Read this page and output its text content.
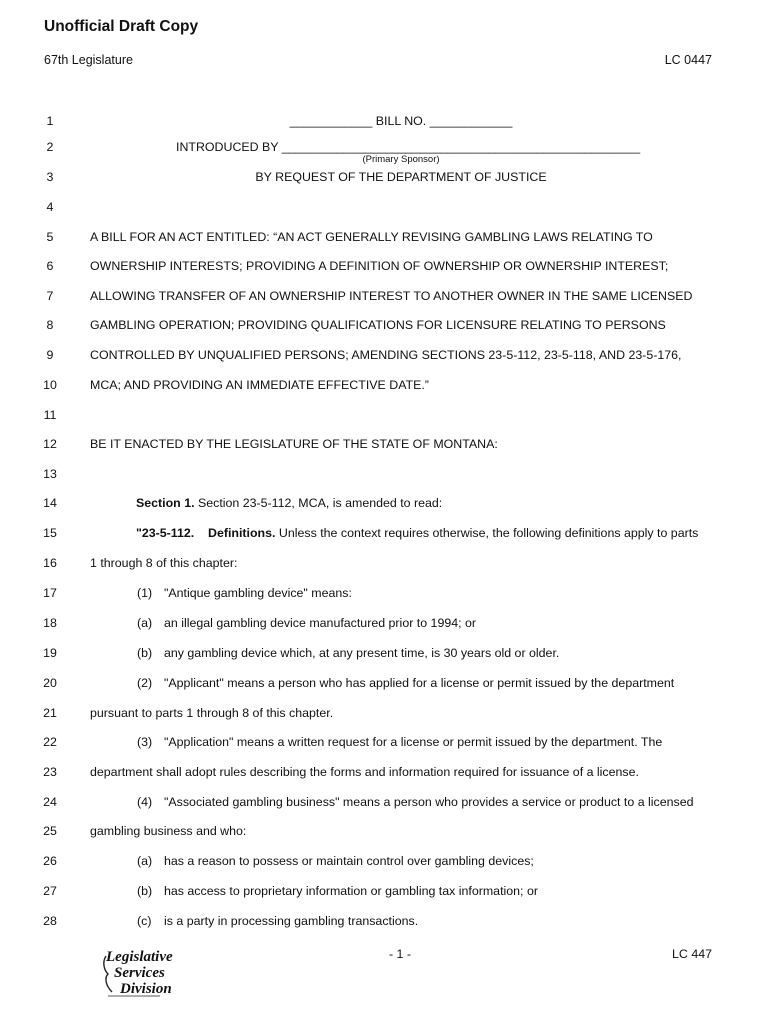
Unofficial Draft Copy
67th Legislature	LC 0447
1	____________ BILL NO. ____________
2	INTRODUCED BY ____________________________________________________
(Primary Sponsor)
3	BY REQUEST OF THE DEPARTMENT OF JUSTICE
4
5	A BILL FOR AN ACT ENTITLED: “AN ACT GENERALLY REVISING GAMBLING LAWS RELATING TO
6	OWNERSHIP INTERESTS; PROVIDING A DEFINITION OF OWNERSHIP OR OWNERSHIP INTEREST;
7	ALLOWING TRANSFER OF AN OWNERSHIP INTEREST TO ANOTHER OWNER IN THE SAME LICENSED
8	GAMBLING OPERATION; PROVIDING QUALIFICATIONS FOR LICENSURE RELATING TO PERSONS
9	CONTROLLED BY UNQUALIFIED PERSONS; AMENDING SECTIONS 23-5-112, 23-5-118, AND 23-5-176,
10	MCA; AND PROVIDING AN IMMEDIATE EFFECTIVE DATE.”
11
12	BE IT ENACTED BY THE LEGISLATURE OF THE STATE OF MONTANA:
13
14	Section 1. Section 23-5-112, MCA, is amended to read:
15	"23-5-112.    Definitions. Unless the context requires otherwise, the following definitions apply to parts
16	1 through 8 of this chapter:
17	(1) "Antique gambling device" means:
18	(a) an illegal gambling device manufactured prior to 1994; or
19	(b) any gambling device which, at any present time, is 30 years old or older.
20	(2) "Applicant" means a person who has applied for a license or permit issued by the department
21	pursuant to parts 1 through 8 of this chapter.
22	(3) "Application" means a written request for a license or permit issued by the department. The
23	department shall adopt rules describing the forms and information required for issuance of a license.
24	(4) "Associated gambling business" means a person who provides a service or product to a licensed
25	gambling business and who:
26	(a) has a reason to possess or maintain control over gambling devices;
27	(b) has access to proprietary information or gambling tax information; or
28	(c) is a party in processing gambling transactions.
Legislative
Services
Division
- 1 -	LC 447
